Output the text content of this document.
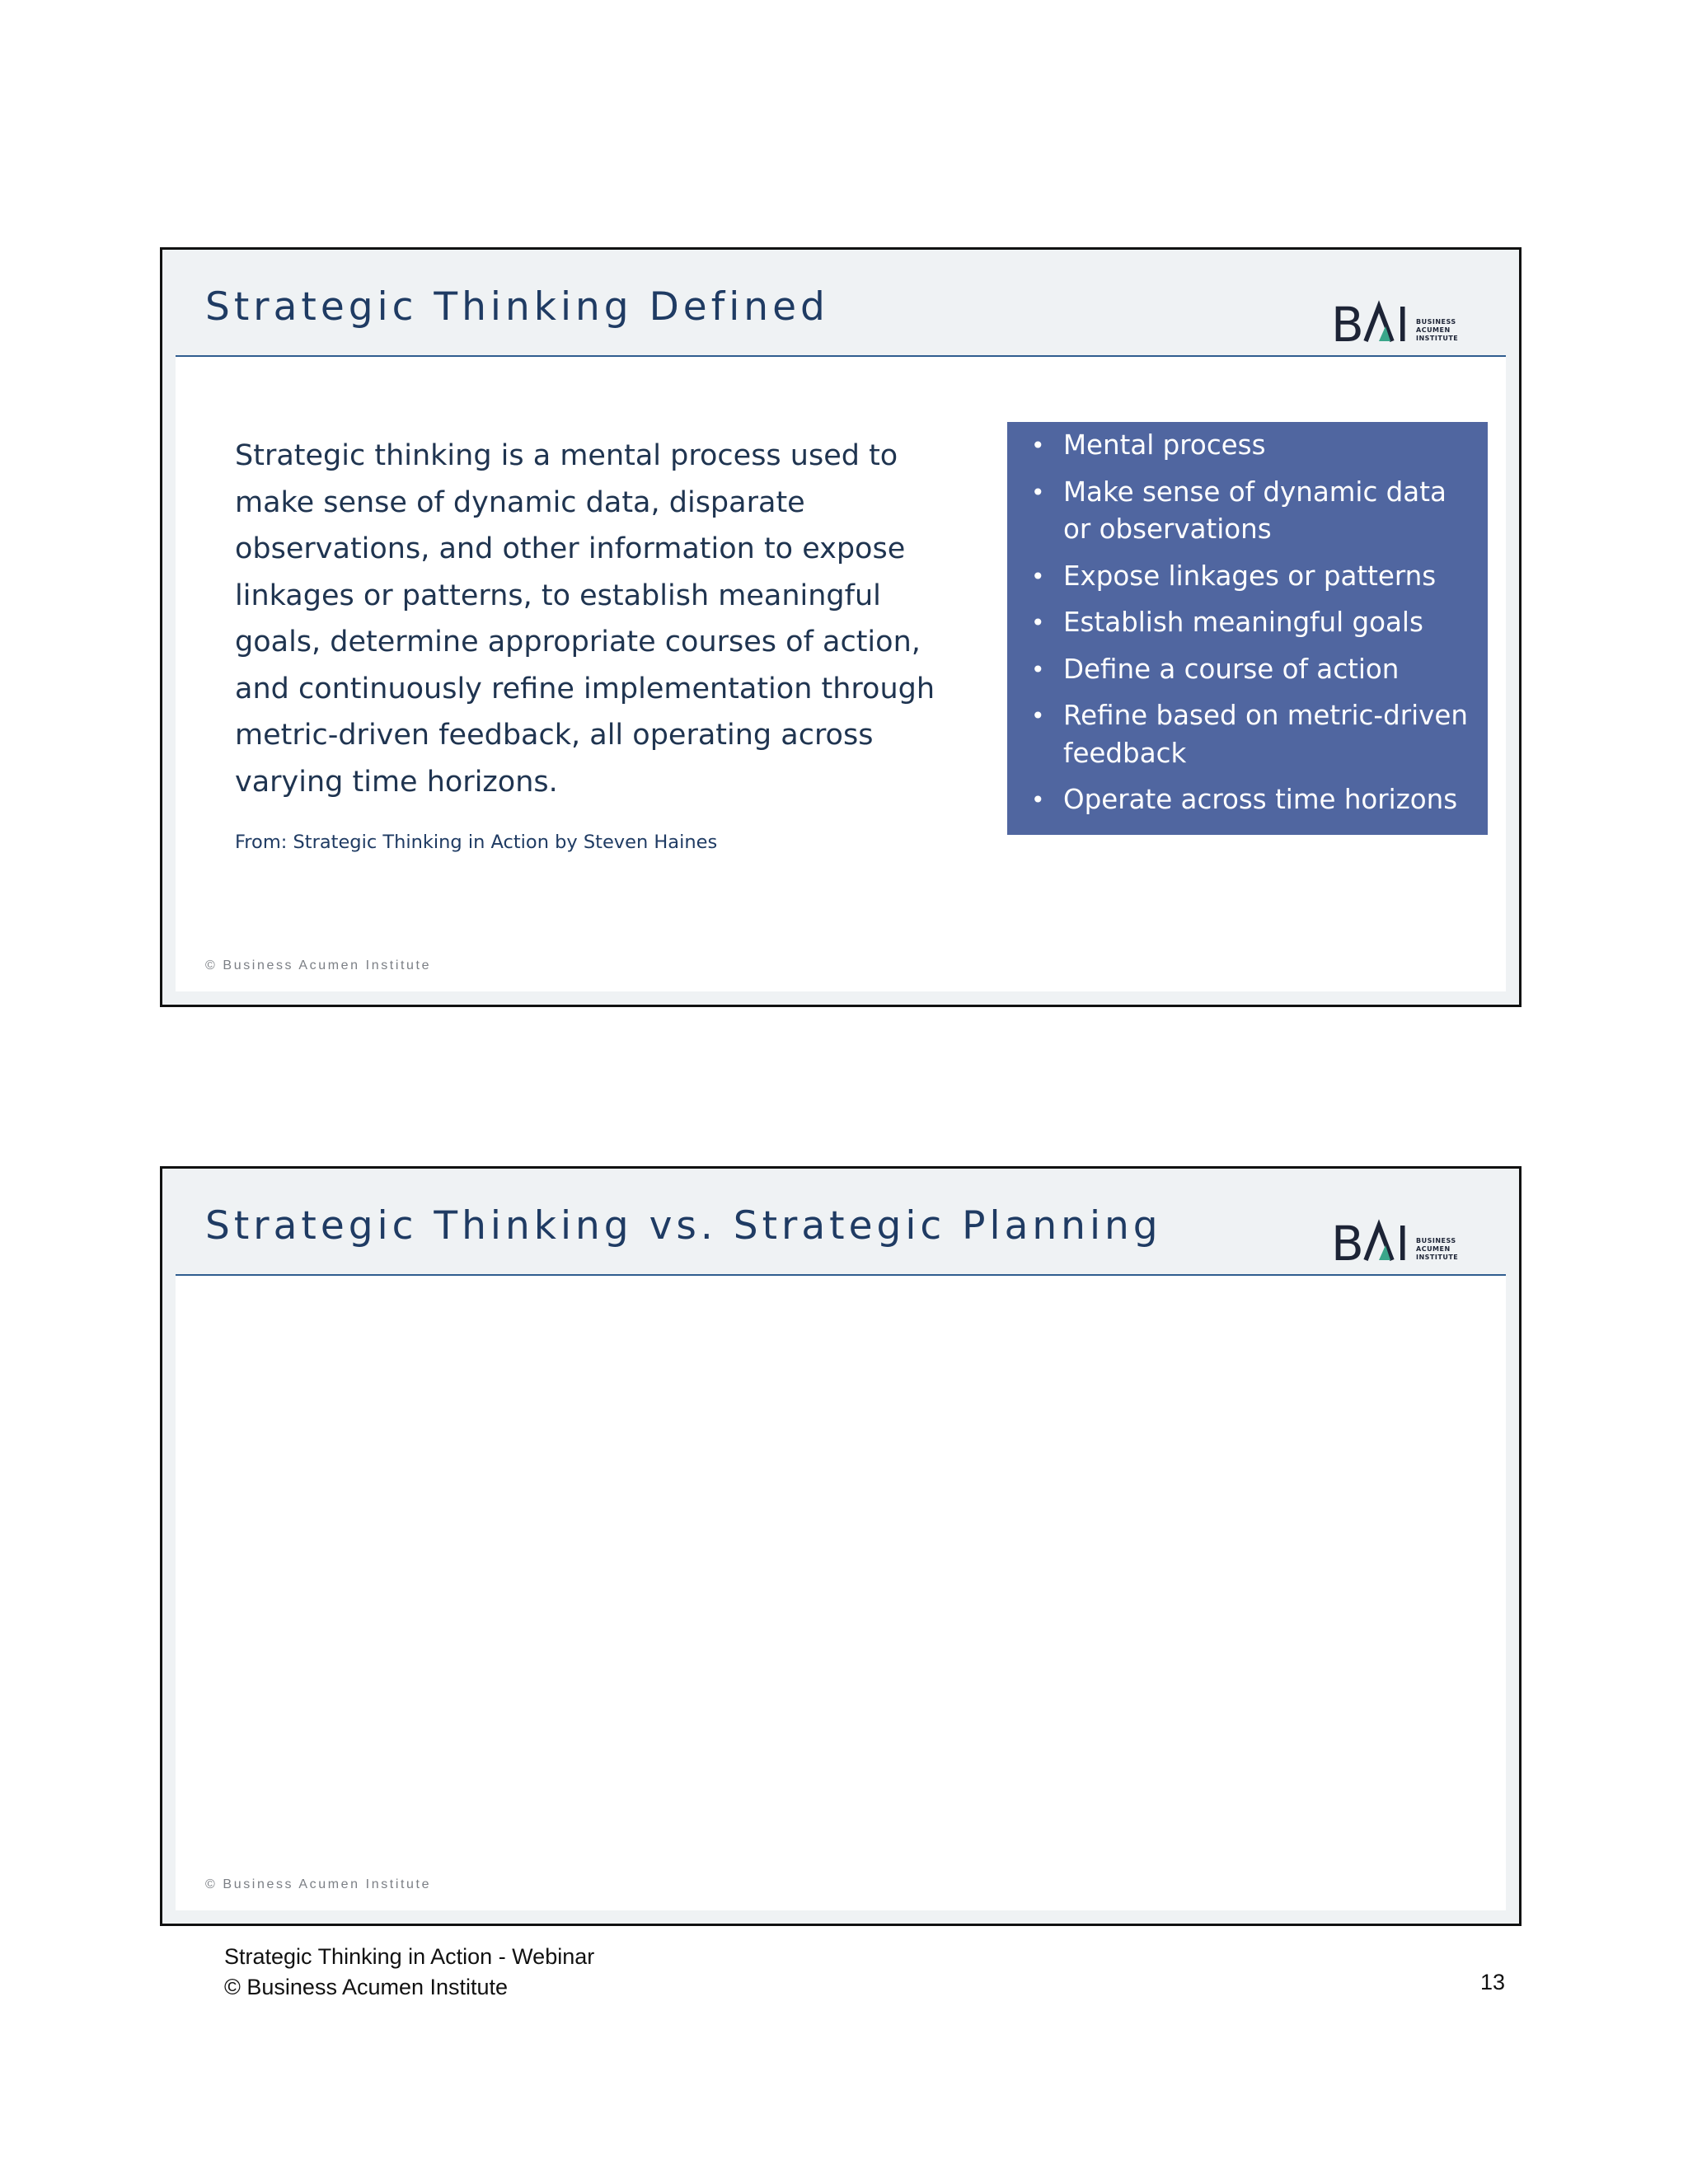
Strategic Thinking Defined	B	BUSINESS
ACUMEN
INSTITUTE

Strategic thinking is a mental process used to make sense of dynamic data, disparate observations, and other information to expose linkages or patterns, to establish meaningful goals, determine appropriate courses of action, and continuously refine implementation through metric-driven feedback, all operating across varying time horizons.

From: Strategic Thinking in Action by Steven Haines
• Mental process
• Make sense of dynamic data or observations
• Expose linkages or patterns
• Establish meaningful goals
• Define a course of action
• Refine based on metric-driven feedback
• Operate across time horizons
© Business Acumen Institute
Strategic Thinking vs. Strategic Planning	B	BUSINESS
ACUMEN
INSTITUTE
© Business Acumen Institute
Strategic Thinking in Action - Webinar
© Business Acumen Institute	13
